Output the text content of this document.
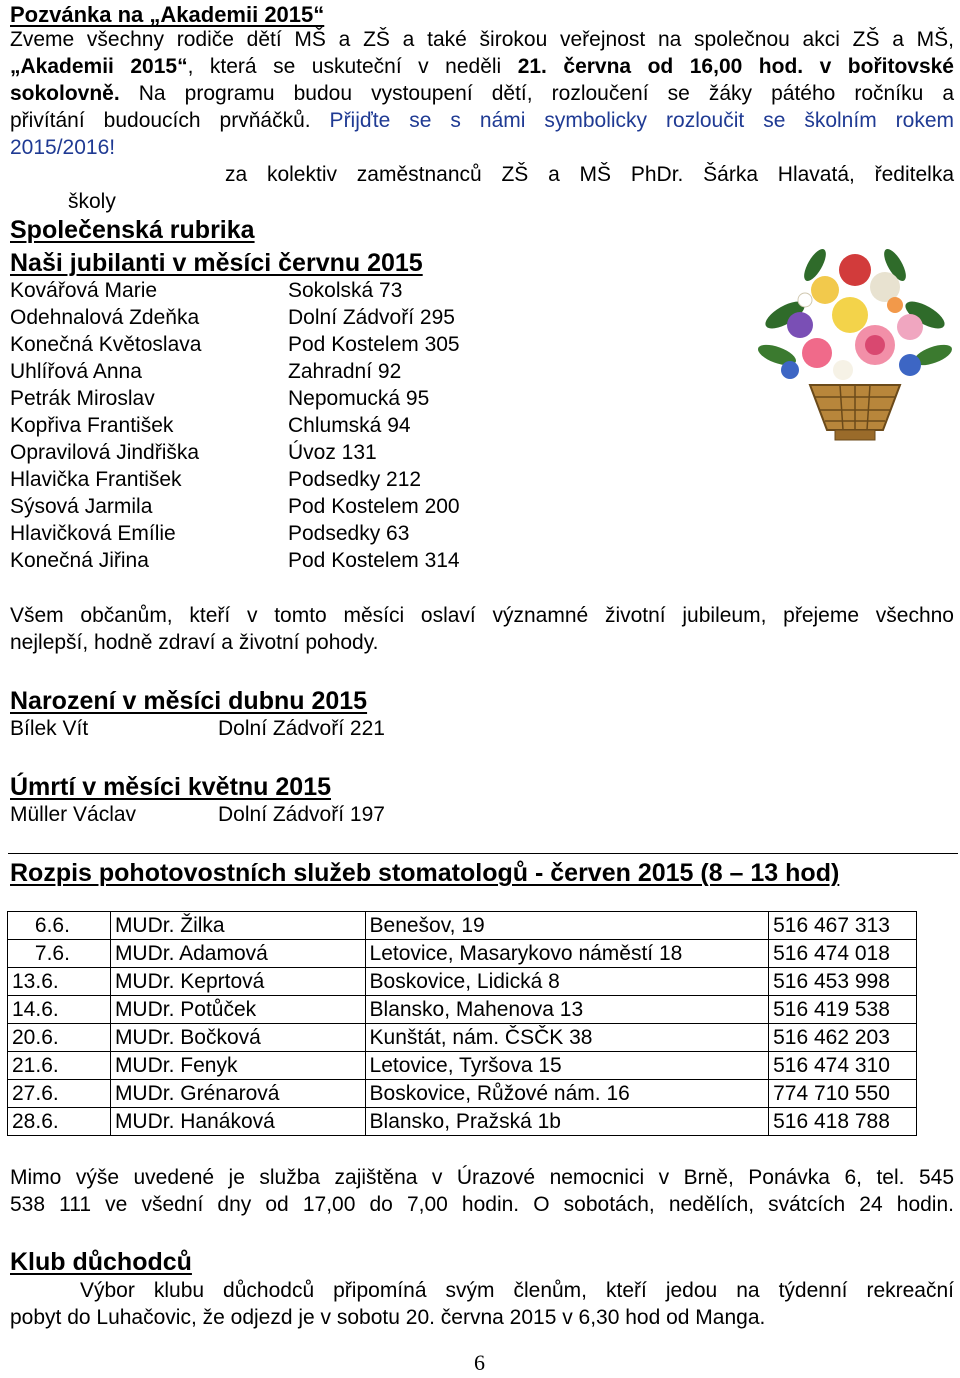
Pozvánka na „Akademii 2015“
Zveme všechny rodiče dětí MŠ a ZŠ a také širokou veřejnost na společnou akci ZŠ a MŠ,
„Akademii 2015“, která se uskuteční v neděli 21. června od 16,00 hod. v bořitovské
sokolovně. Na programu budou vystoupení dětí, rozloučení se žáky pátého ročníku a
přivítání budoucích prvňáčků. Přijďte se s námi symbolicky rozloučit se školním rokem
2015/2016!
za kolektiv zaměstnanců ZŠ a MŠ PhDr. Šárka Hlavatá, ředitelka
školy
Společenská rubrika
Naši jubilanti v měsíci červnu 2015
Kovářová Marie	Sokolská 73
Odehnalová Zdeňka	Dolní Zádvoří 295
Konečná Květoslava	Pod Kostelem 305
Uhlířová Anna	Zahradní 92
Petrák Miroslav	Nepomucká 95
Kopřiva František	Chlumská 94
Opravilová Jindřiška	Úvoz 131
Hlavička František	Podsedky 212
Sýsová Jarmila	Pod Kostelem 200
Hlavičková Emílie	Podsedky 63
Konečná Jiřina	Pod Kostelem 314
Všem občanům, kteří v tomto měsíci oslaví významné životní jubileum, přejeme všechno
nejlepší, hodně zdraví a životní pohody.
Narození v měsíci dubnu 2015
Bílek Vít	Dolní Zádvoří 221
Úmrtí v měsíci květnu 2015
Müller Václav	Dolní Zádvoří 197
Rozpis pohotovostních služeb stomatologů - červen 2015 (8 – 13 hod)
6.6.	MUDr. Žilka	Benešov, 19	516 467 313
7.6.	MUDr. Adamová	Letovice, Masarykovo náměstí 18	516 474 018
13.6.	MUDr. Keprtová	Boskovice, Lidická 8	516 453 998
14.6.	MUDr. Potůček	Blansko, Mahenova 13	516 419 538
20.6.	MUDr. Bočková	Kunštát, nám. ČSČK 38	516 462 203
21.6.	MUDr. Fenyk	Letovice, Tyršova 15	516 474 310
27.6.	MUDr. Grénarová	Boskovice, Růžové nám. 16	774 710 550
28.6.	MUDr. Hanáková	Blansko, Pražská 1b	516 418 788
Mimo výše uvedené je služba zajištěna v Úrazové nemocnici v Brně, Ponávka 6, tel. 545
538 111 ve všední dny od 17,00 do 7,00 hodin. O sobotách, nedělích, svátcích 24 hodin.
Klub důchodců
Výbor klubu důchodců připomíná svým členům, kteří jedou na týdenní rekreační
pobyt do Luhačovic, že odjezd je v sobotu 20. června 2015 v 6,30 hod od Manga.
6
